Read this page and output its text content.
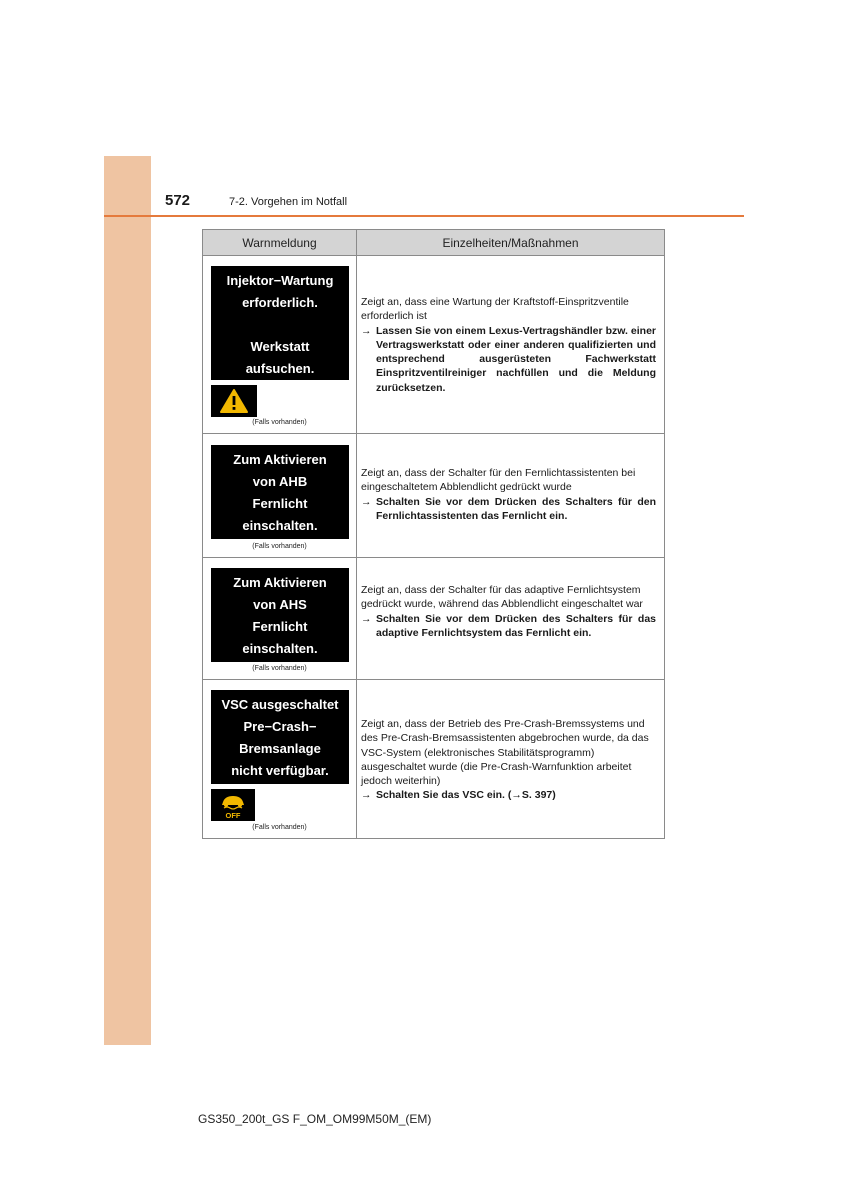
572	7-2. Vorgehen im Notfall
Warnmeldung	Einzelheiten/Maßnahmen
Injektor−Wartung
erforderlich.
Werkstatt
aufsuchen.
(Falls vorhanden)

Zeigt an, dass eine Wartung der Kraftstoff-Einspritzventile erforderlich ist

→ Lassen Sie von einem Lexus-Vertragshändler bzw. einer Vertragswerkstatt oder einer anderen qualifizierten und entsprechend ausgerüsteten Fachwerkstatt Einspritzventilreiniger nachfüllen und die Meldung zurücksetzen.

Zum Aktivieren
von AHB
Fernlicht
einschalten.
(Falls vorhanden)

Zeigt an, dass der Schalter für den Fernlichtassistenten bei eingeschaltetem Abblendlicht gedrückt wurde

→ Schalten Sie vor dem Drücken des Schalters für den Fernlichtassistenten das Fernlicht ein.

Zum Aktivieren
von AHS
Fernlicht
einschalten.
(Falls vorhanden)

Zeigt an, dass der Schalter für das adaptive Fernlichtsystem gedrückt wurde, während das Abblendlicht eingeschaltet war

→ Schalten Sie vor dem Drücken des Schalters für das adaptive Fernlichtsystem das Fernlicht ein.

VSC ausgeschaltet
Pre−Crash−
Bremsanlage
nicht verfügbar.
OFF
(Falls vorhanden)

Zeigt an, dass der Betrieb des Pre-Crash-Bremssystems und des Pre-Crash-Bremsassistenten abgebrochen wurde, da das VSC-System (elektronisches Stabilitätsprogramm) ausgeschaltet wurde (die Pre-Crash-Warnfunktion arbeitet jedoch weiterhin)

→ Schalten Sie das VSC ein. (→S. 397)

GS350_200t_GS F_OM_OM99M50M_(EM)
